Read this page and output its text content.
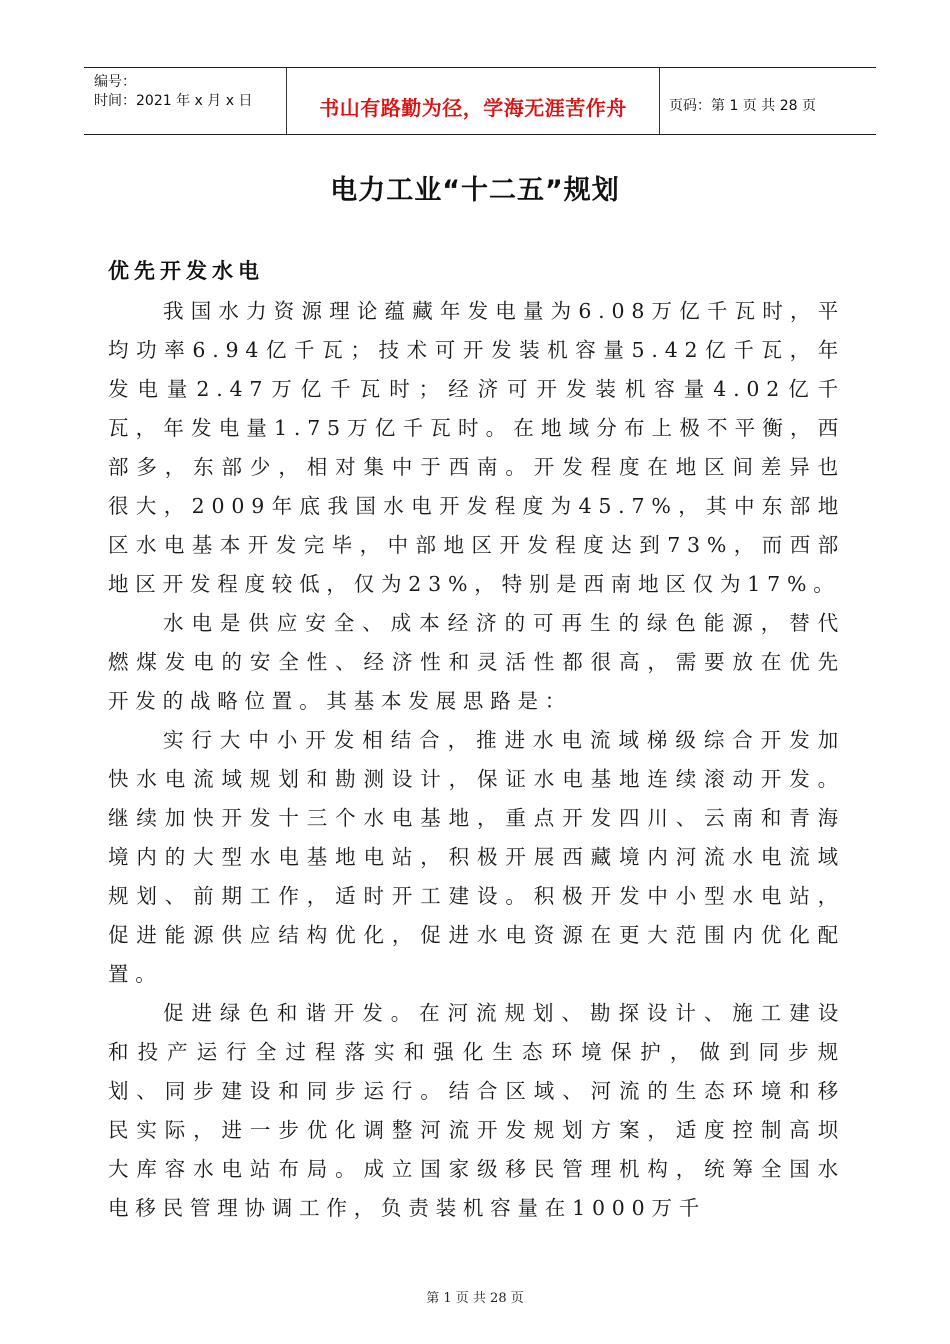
编号：
时间：2021 年 x 月 x 日	书山有路勤为径，学海无涯苦作舟	页码：第 1 页 共 28 页
电力工业“十二五”规划
优先开发水电

我国水力资源理论蕴藏年发电量为6.08万亿千瓦时，平均功率6.94亿千瓦；技术可开发装机容量5.42亿千瓦，年发电量2.47万亿千瓦时；经济可开发装机容量4.02亿千瓦，年发电量1.75万亿千瓦时。在地域分布上极不平衡，西部多，东部少，相对集中于西南。开发程度在地区间差异也很大，2009年底我国水电开发程度为45.7%，其中东部地区水电基本开发完毕，中部地区开发程度达到73%，而西部地区开发程度较低，仅为23%，特别是西南地区仅为17%。

水电是供应安全、成本经济的可再生的绿色能源，替代燃煤发电的安全性、经济性和灵活性都很高，需要放在优先开发的战略位置。其基本发展思路是：

实行大中小开发相结合，推进水电流域梯级综合开发加快水电流域规划和勘测设计，保证水电基地连续滚动开发。继续加快开发十三个水电基地，重点开发四川、云南和青海境内的大型水电基地电站，积极开展西藏境内河流水电流域规划、前期工作，适时开工建设。积极开发中小型水电站，促进能源供应结构优化，促进水电资源在更大范围内优化配置。

促进绿色和谐开发。在河流规划、勘探设计、施工建设和投产运行全过程落实和强化生态环境保护，做到同步规划、同步建设和同步运行。结合区域、河流的生态环境和移民实际，进一步优化调整河流开发规划方案，适度控制高坝大库容水电站布局。成立国家级移民管理机构，统筹全国水电移民管理协调工作，负责装机容量在1000万千

第 1 页 共 28 页
